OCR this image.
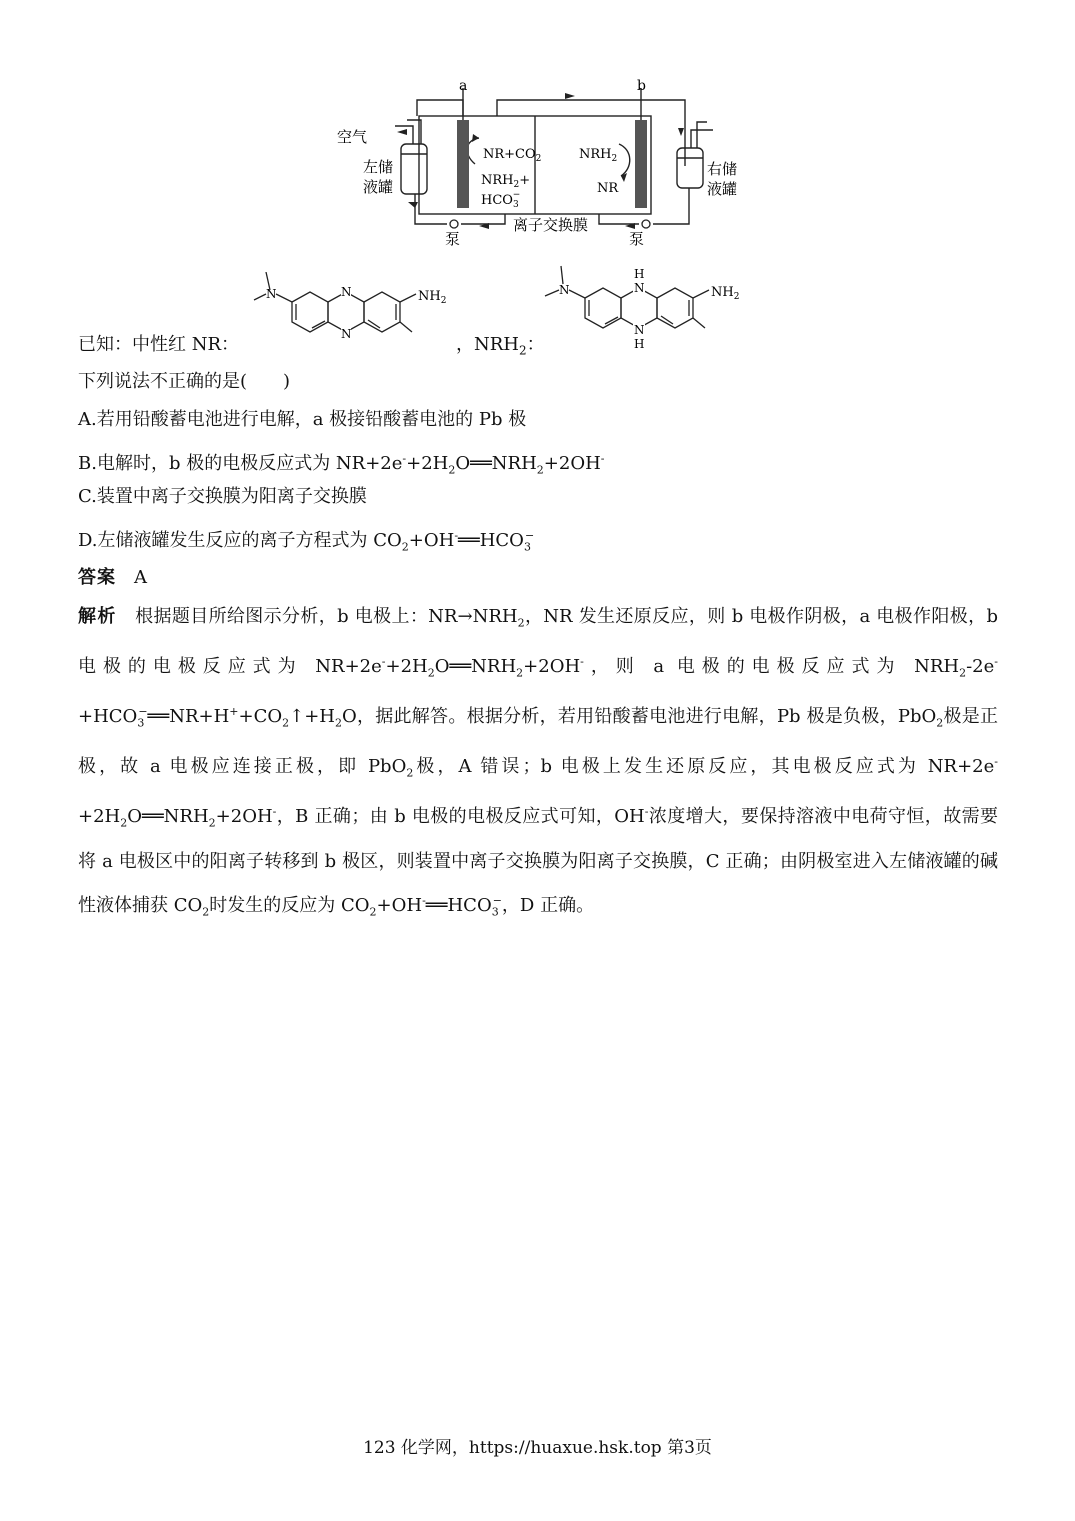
a	b
空气
左储
液罐
右储
液罐
$NR+CO_2$
$NRH_2+$
$HCO_3-$
$NRH_2$
NR
离子交换膜
泵	泵
已知：中性红 NR：
N
N
N	$NH_2$
，$NRH_2$：
H
N
N
H
N	$NH_2$
下列说法不正确的是(　　)
A.若用铅酸蓄电池进行电解，a 极接铅酸蓄电池的 Pb 极
B.电解时，b 极的电极反应式为 $NR+2e^-+2H_2O══NRH_2+2OH^-$
C.装置中离子交换膜为阳离子交换膜
D.左储液罐发生反应的离子方程式为 $CO_2+OH^-══HCO_3^-$
答案 A
解析　 根据题目所给图示分析，b 电极上：$NR\to NRH_2$，NR 发生还原反应，则 b 电极作阴极，a 电极作阳极，b 电极的电极反应式为 $NR+2e^-+2H_2O══NRH_2+2OH^-$，则 a 电极的电极反应式为 $NRH_2-2e^-+HCO_3^-══NR+H^++CO_2↑+H_2O$，据此解答。根据分析，若用铅酸蓄电池进行电解，Pb 极是负极，PbO$_2$极是正极，故 a 电极应连接正极，即 PbO$_2$极，A 错误；b 电极上发生还原反应，其电极反应式为 $NR+2e^-+2H_2O══NRH_2+2OH^-$，B 正确；由 b 电极的电极反应式可知，OH-浓度增大，要保持溶液中电荷守恒，故需要将 a 电极区中的阳离子转移到 b 极区，则装置中离子交换膜为阳离子交换膜，C 正确；由阴极室进入左储液罐的碱性液体捕获 $CO_2$时发生的反应为 $CO_2+OH^-══HCO_3^-$，D 正确。
123 化学网，https://huaxue.hsk.top 第3页
